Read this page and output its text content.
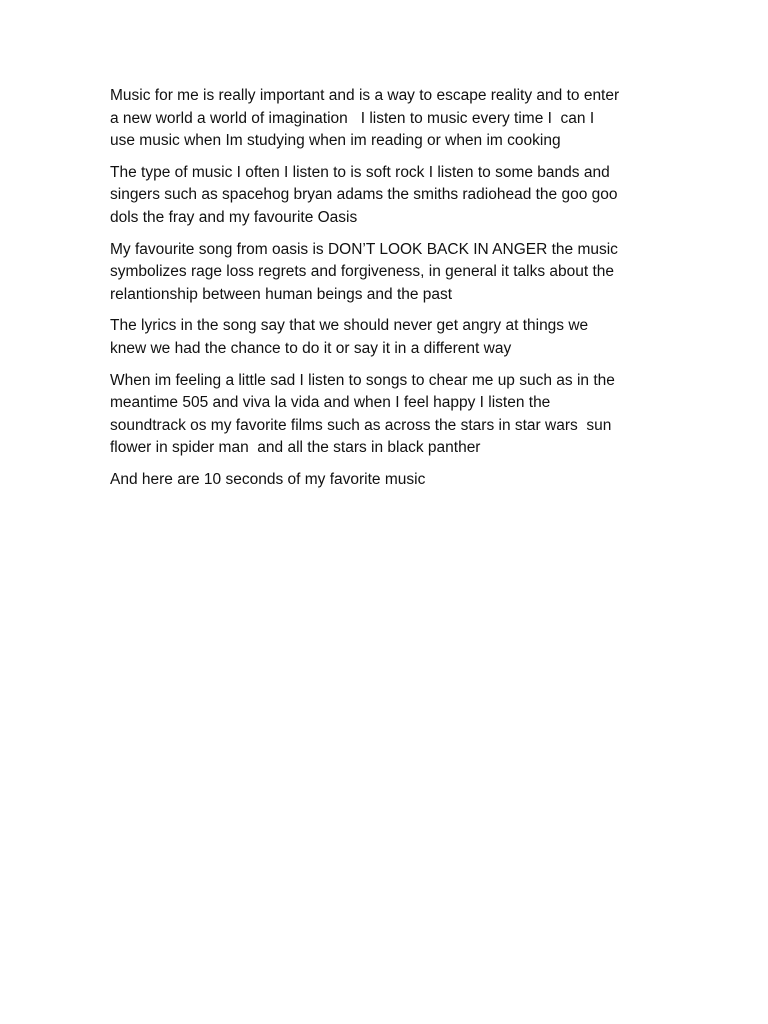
Music for me is really important and is a way to escape reality and to enter
a new world a world of imagination   I listen to music every time I  can I
use music when Im studying when im reading or when im cooking

The type of music I often I listen to is soft rock I listen to some bands and
singers such as spacehog bryan adams the smiths radiohead the goo goo
dols the fray and my favourite Oasis

My favourite song from oasis is DON’T LOOK BACK IN ANGER the music
symbolizes rage loss regrets and forgiveness, in general it talks about the
relantionship between human beings and the past

The lyrics in the song say that we should never get angry at things we
knew we had the chance to do it or say it in a different way

When im feeling a little sad I listen to songs to chear me up such as in the
meantime 505 and viva la vida and when I feel happy I listen the
soundtrack os my favorite films such as across the stars in star wars  sun
flower in spider man  and all the stars in black panther

And here are 10 seconds of my favorite music
